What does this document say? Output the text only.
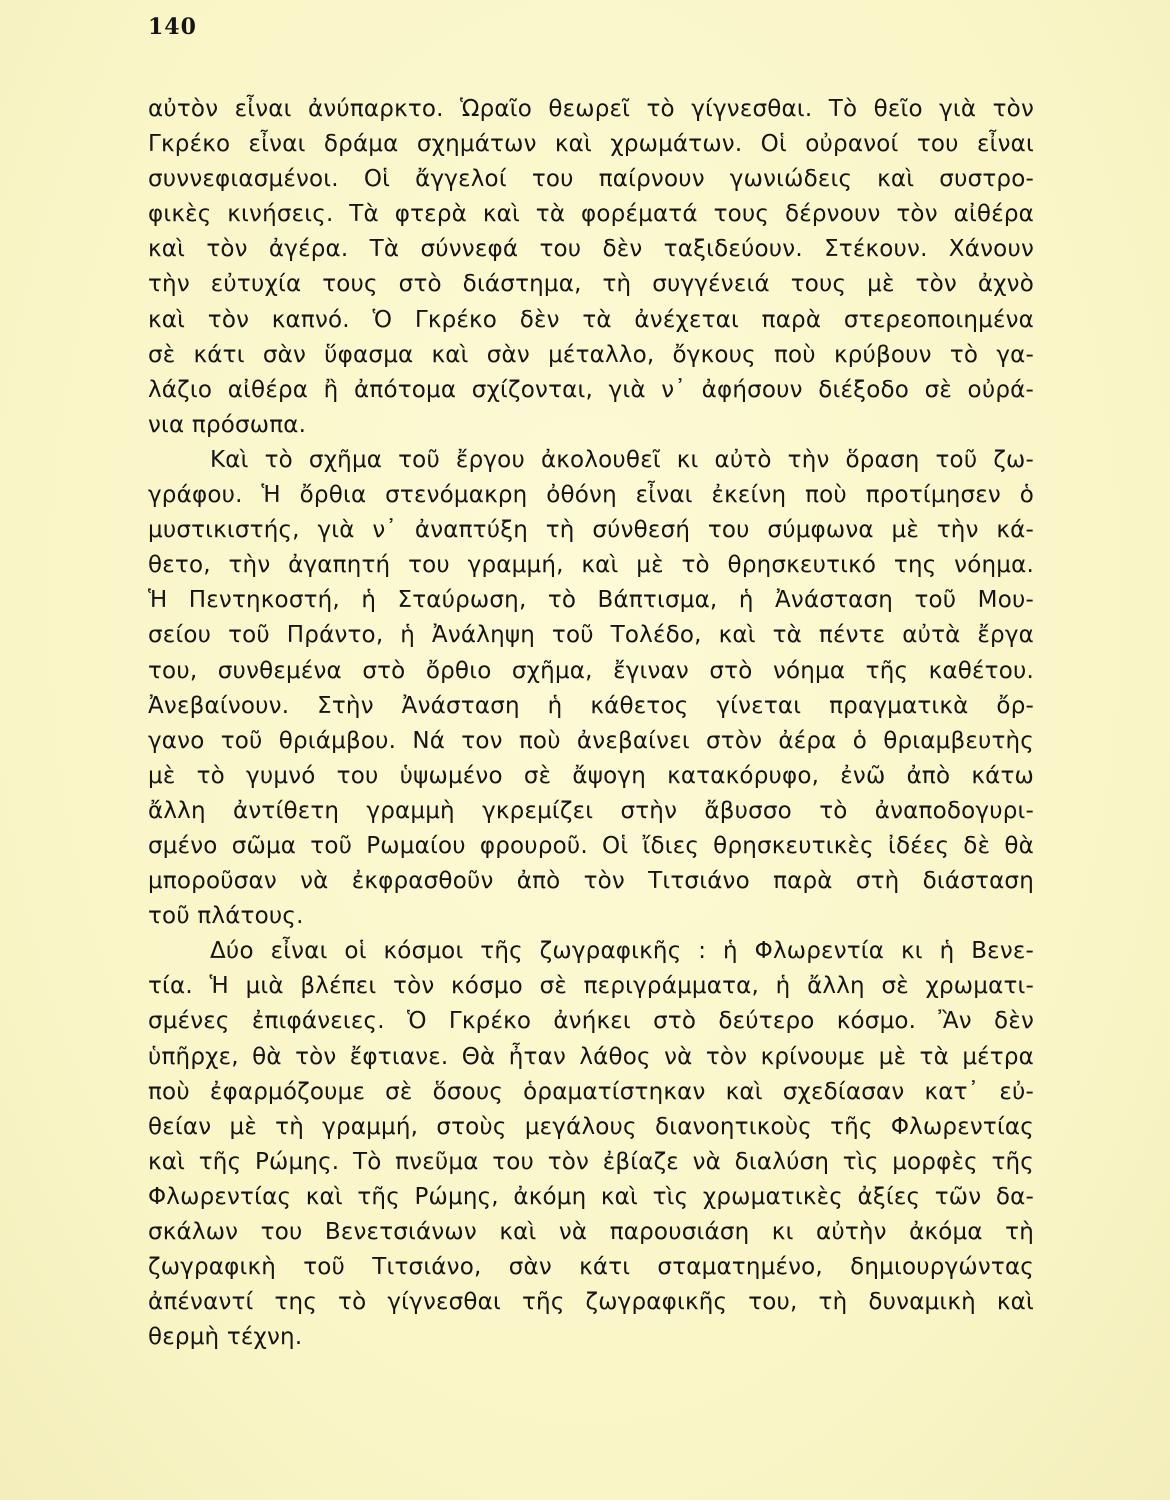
140
αὐτὸν εἶναι ἀνύπαρκτο. Ὡραῖο θεωρεῖ τὸ γίγνεσθαι. Τὸ θεῖο γιὰ τὸν
Γκρέκο εἶναι δράμα σχημάτων καὶ χρωμάτων. Οἱ οὐρανοί του εἶναι
συννεφιασμένοι. Οἱ ἄγγελοί του παίρνουν γωνιώδεις καὶ συστρο-
φικὲς κινήσεις. Τὰ φτερὰ καὶ τὰ φορέματά τους δέρνουν τὸν αἰθέρα
καὶ τὸν ἀγέρα. Τὰ σύννεφά του δὲν ταξιδεύουν. Στέκουν. Χάνουν
τὴν εὐτυχία τους στὸ διάστημα, τὴ συγγένειά τους μὲ τὸν ἀχνὸ
καὶ τὸν καπνό. Ὁ Γκρέκο δὲν τὰ ἀνέχεται παρὰ στερεοποιημένα
σὲ κάτι σὰν ὕφασμα καὶ σὰν μέταλλο, ὄγκους ποὺ κρύβουν τὸ γα-
λάζιο αἰθέρα ἢ ἀπότομα σχίζονται, γιὰ ν᾽ ἀφήσουν διέξοδο σὲ οὐρά-
νια πρόσωπα.
Καὶ τὸ σχῆμα τοῦ ἔργου ἀκολουθεῖ κι αὐτὸ τὴν ὅραση τοῦ ζω-
γράφου. Ἡ ὄρθια στενόμακρη ὀθόνη εἶναι ἐκείνη ποὺ προτίμησεν ὁ
μυστικιστής, γιὰ ν᾽ ἀναπτύξη τὴ σύνθεσή του σύμφωνα μὲ τὴν κά-
θετο, τὴν ἀγαπητή του γραμμή, καὶ μὲ τὸ θρησκευτικό της νόημα.
Ἡ Πεντηκοστή, ἡ Σταύρωση, τὸ Βάπτισμα, ἡ Ἀνάσταση τοῦ Μου-
σείου τοῦ Πράντο, ἡ Ἀνάληψη τοῦ Τολέδο, καὶ τὰ πέντε αὐτὰ ἔργα
του, συνθεμένα στὸ ὄρθιο σχῆμα, ἔγιναν στὸ νόημα τῆς καθέτου.
Ἀνεβαίνουν. Στὴν Ἀνάσταση ἡ κάθετος γίνεται πραγματικὰ ὄρ-
γανο τοῦ θριάμβου. Νά τον ποὺ ἀνεβαίνει στὸν ἀέρα ὁ θριαμβευτὴς
μὲ τὸ γυμνό του ὑψωμένο σὲ ἄψογη κατακόρυφο, ἐνῶ ἀπὸ κάτω
ἄλλη ἀντίθετη γραμμὴ γκρεμίζει στὴν ἄβυσσο τὸ ἀναποδογυρι-
σμένο σῶμα τοῦ Ρωμαίου φρουροῦ. Οἱ ἴδιες θρησκευτικὲς ἰδέες δὲ θὰ
μποροῦσαν νὰ ἐκφρασθοῦν ἀπὸ τὸν Τιτσιάνο παρὰ στὴ διάσταση
τοῦ πλάτους.
Δύο εἶναι οἱ κόσμοι τῆς ζωγραφικῆς : ἡ Φλωρεντία κι ἡ Βενε-
τία. Ἡ μιὰ βλέπει τὸν κόσμο σὲ περιγράμματα, ἡ ἄλλη σὲ χρωματι-
σμένες ἐπιφάνειες. Ὁ Γκρέκο ἀνήκει στὸ δεύτερο κόσμο. Ἂν δὲν
ὑπῆρχε, θὰ τὸν ἔφτιανε. Θὰ ἦταν λάθος νὰ τὸν κρίνουμε μὲ τὰ μέτρα
ποὺ ἐφαρμόζουμε σὲ ὅσους ὁραματίστηκαν καὶ σχεδίασαν κατ᾽ εὐ-
θείαν μὲ τὴ γραμμή, στοὺς μεγάλους διανοητικοὺς τῆς Φλωρεντίας
καὶ τῆς Ρώμης. Τὸ πνεῦμα του τὸν ἐβίαζε νὰ διαλύση τὶς μορφὲς τῆς
Φλωρεντίας καὶ τῆς Ρώμης, ἀκόμη καὶ τὶς χρωματικὲς ἀξίες τῶν δα-
σκάλων του Βενετσιάνων καὶ νὰ παρουσιάση κι αὐτὴν ἀκόμα τὴ
ζωγραφικὴ τοῦ Τιτσιάνο, σὰν κάτι σταματημένο, δημιουργώντας
ἀπέναντί της τὸ γίγνεσθαι τῆς ζωγραφικῆς του, τὴ δυναμικὴ καὶ
θερμὴ τέχνη.
